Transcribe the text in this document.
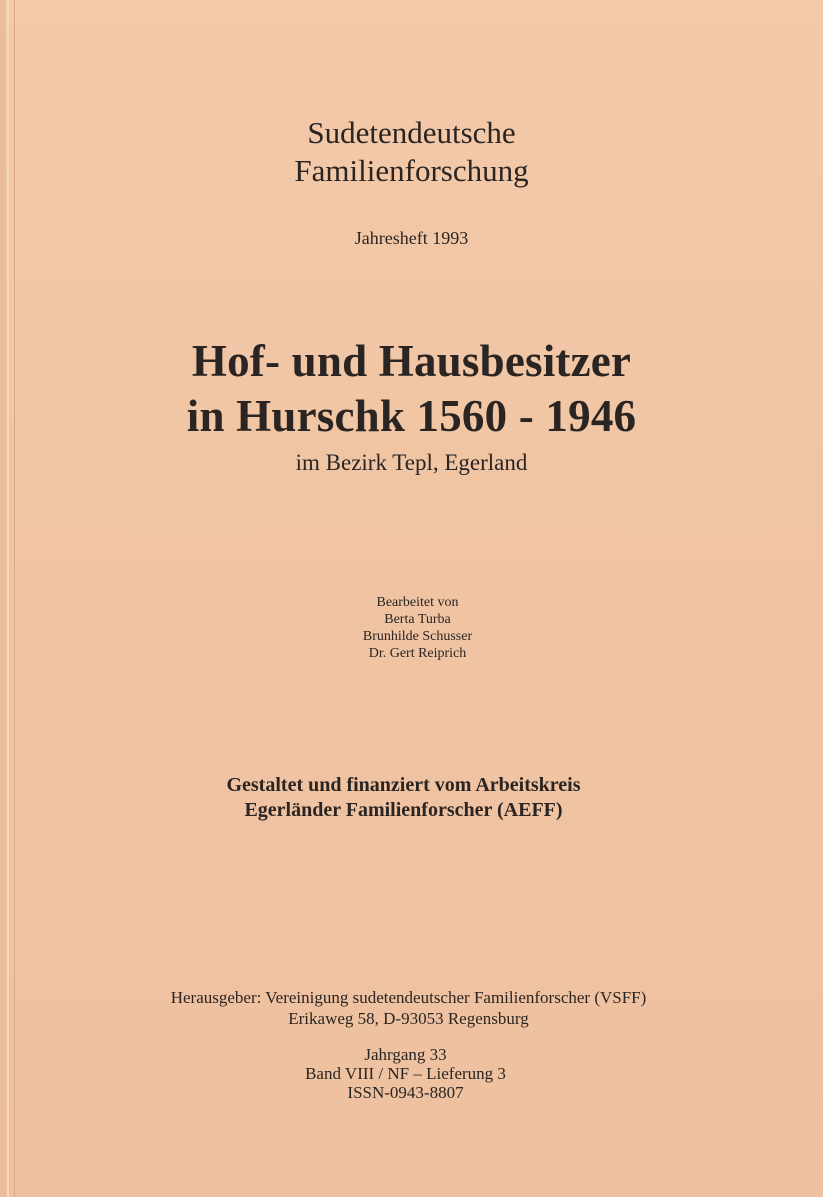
Sudetendeutsche
Familienforschung
Jahresheft 1993
Hof- und Hausbesitzer
in Hurschk 1560 - 1946
im Bezirk Tepl, Egerland
Bearbeitet von
Berta Turba
Brunhilde Schusser
Dr. Gert Reiprich
Gestaltet und finanziert vom Arbeitskreis
Egerländer Familienforscher (AEFF)
Herausgeber: Vereinigung sudetendeutscher Familienforscher (VSFF)
Erikaweg 58, D-93053 Regensburg
Jahrgang 33
Band VIII / NF – Lieferung 3
ISSN-0943-8807
